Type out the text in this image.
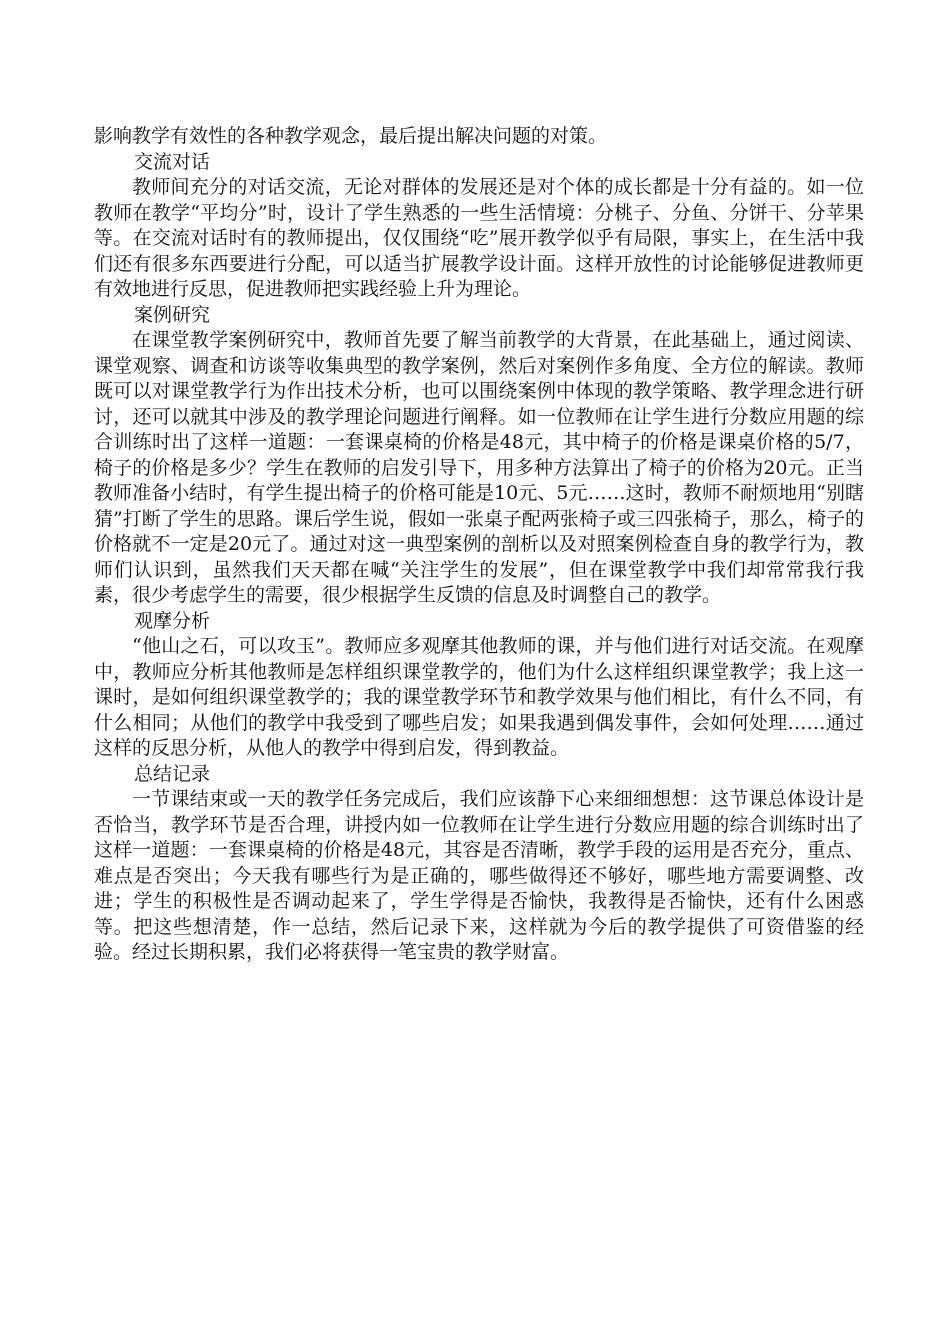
影响教学有效性的各种教学观念，最后提出解决问题的对策。

交流对话

教师间充分的对话交流，无论对群体的发展还是对个体的成长都是十分有益的。如一位教师在教学“平均分”时，设计了学生熟悉的一些生活情境：分桃子、分鱼、分饼干、分苹果等。在交流对话时有的教师提出，仅仅围绕“吃”展开教学似乎有局限，事实上，在生活中我们还有很多东西要进行分配，可以适当扩展教学设计面。这样开放性的讨论能够促进教师更有效地进行反思，促进教师把实践经验上升为理论。

案例研究

在课堂教学案例研究中，教师首先要了解当前教学的大背景，在此基础上，通过阅读、课堂观察、调查和访谈等收集典型的教学案例，然后对案例作多角度、全方位的解读。教师既可以对课堂教学行为作出技术分析，也可以围绕案例中体现的教学策略、教学理念进行研讨，还可以就其中涉及的教学理论问题进行阐释。如一位教师在让学生进行分数应用题的综合训练时出了这样一道题：一套课桌椅的价格是48元，其中椅子的价格是课桌价格的5/7，椅子的价格是多少？学生在教师的启发引导下，用多种方法算出了椅子的价格为20元。正当教师准备小结时，有学生提出椅子的价格可能是10元、5元……这时，教师不耐烦地用“别瞎猜”打断了学生的思路。课后学生说，假如一张桌子配两张椅子或三四张椅子，那么，椅子的价格就不一定是20元了。通过对这一典型案例的剖析以及对照案例检查自身的教学行为，教师们认识到，虽然我们天天都在喊“关注学生的发展”，但在课堂教学中我们却常常我行我素，很少考虑学生的需要，很少根据学生反馈的信息及时调整自己的教学。

观摩分析

“他山之石，可以攻玉”。教师应多观摩其他教师的课，并与他们进行对话交流。在观摩中，教师应分析其他教师是怎样组织课堂教学的，他们为什么这样组织课堂教学；我上这一课时，是如何组织课堂教学的；我的课堂教学环节和教学效果与他们相比，有什么不同，有什么相同；从他们的教学中我受到了哪些启发；如果我遇到偶发事件，会如何处理……通过这样的反思分析，从他人的教学中得到启发，得到教益。

总结记录

一节课结束或一天的教学任务完成后，我们应该静下心来细细想想：这节课总体设计是否恰当，教学环节是否合理，讲授内如一位教师在让学生进行分数应用题的综合训练时出了这样一道题：一套课桌椅的价格是48元，其容是否清晰，教学手段的运用是否充分，重点、难点是否突出；今天我有哪些行为是正确的，哪些做得还不够好，哪些地方需要调整、改进；学生的积极性是否调动起来了，学生学得是否愉快，我教得是否愉快，还有什么困惑等。把这些想清楚，作一总结，然后记录下来，这样就为今后的教学提供了可资借鉴的经验。经过长期积累，我们必将获得一笔宝贵的教学财富。
